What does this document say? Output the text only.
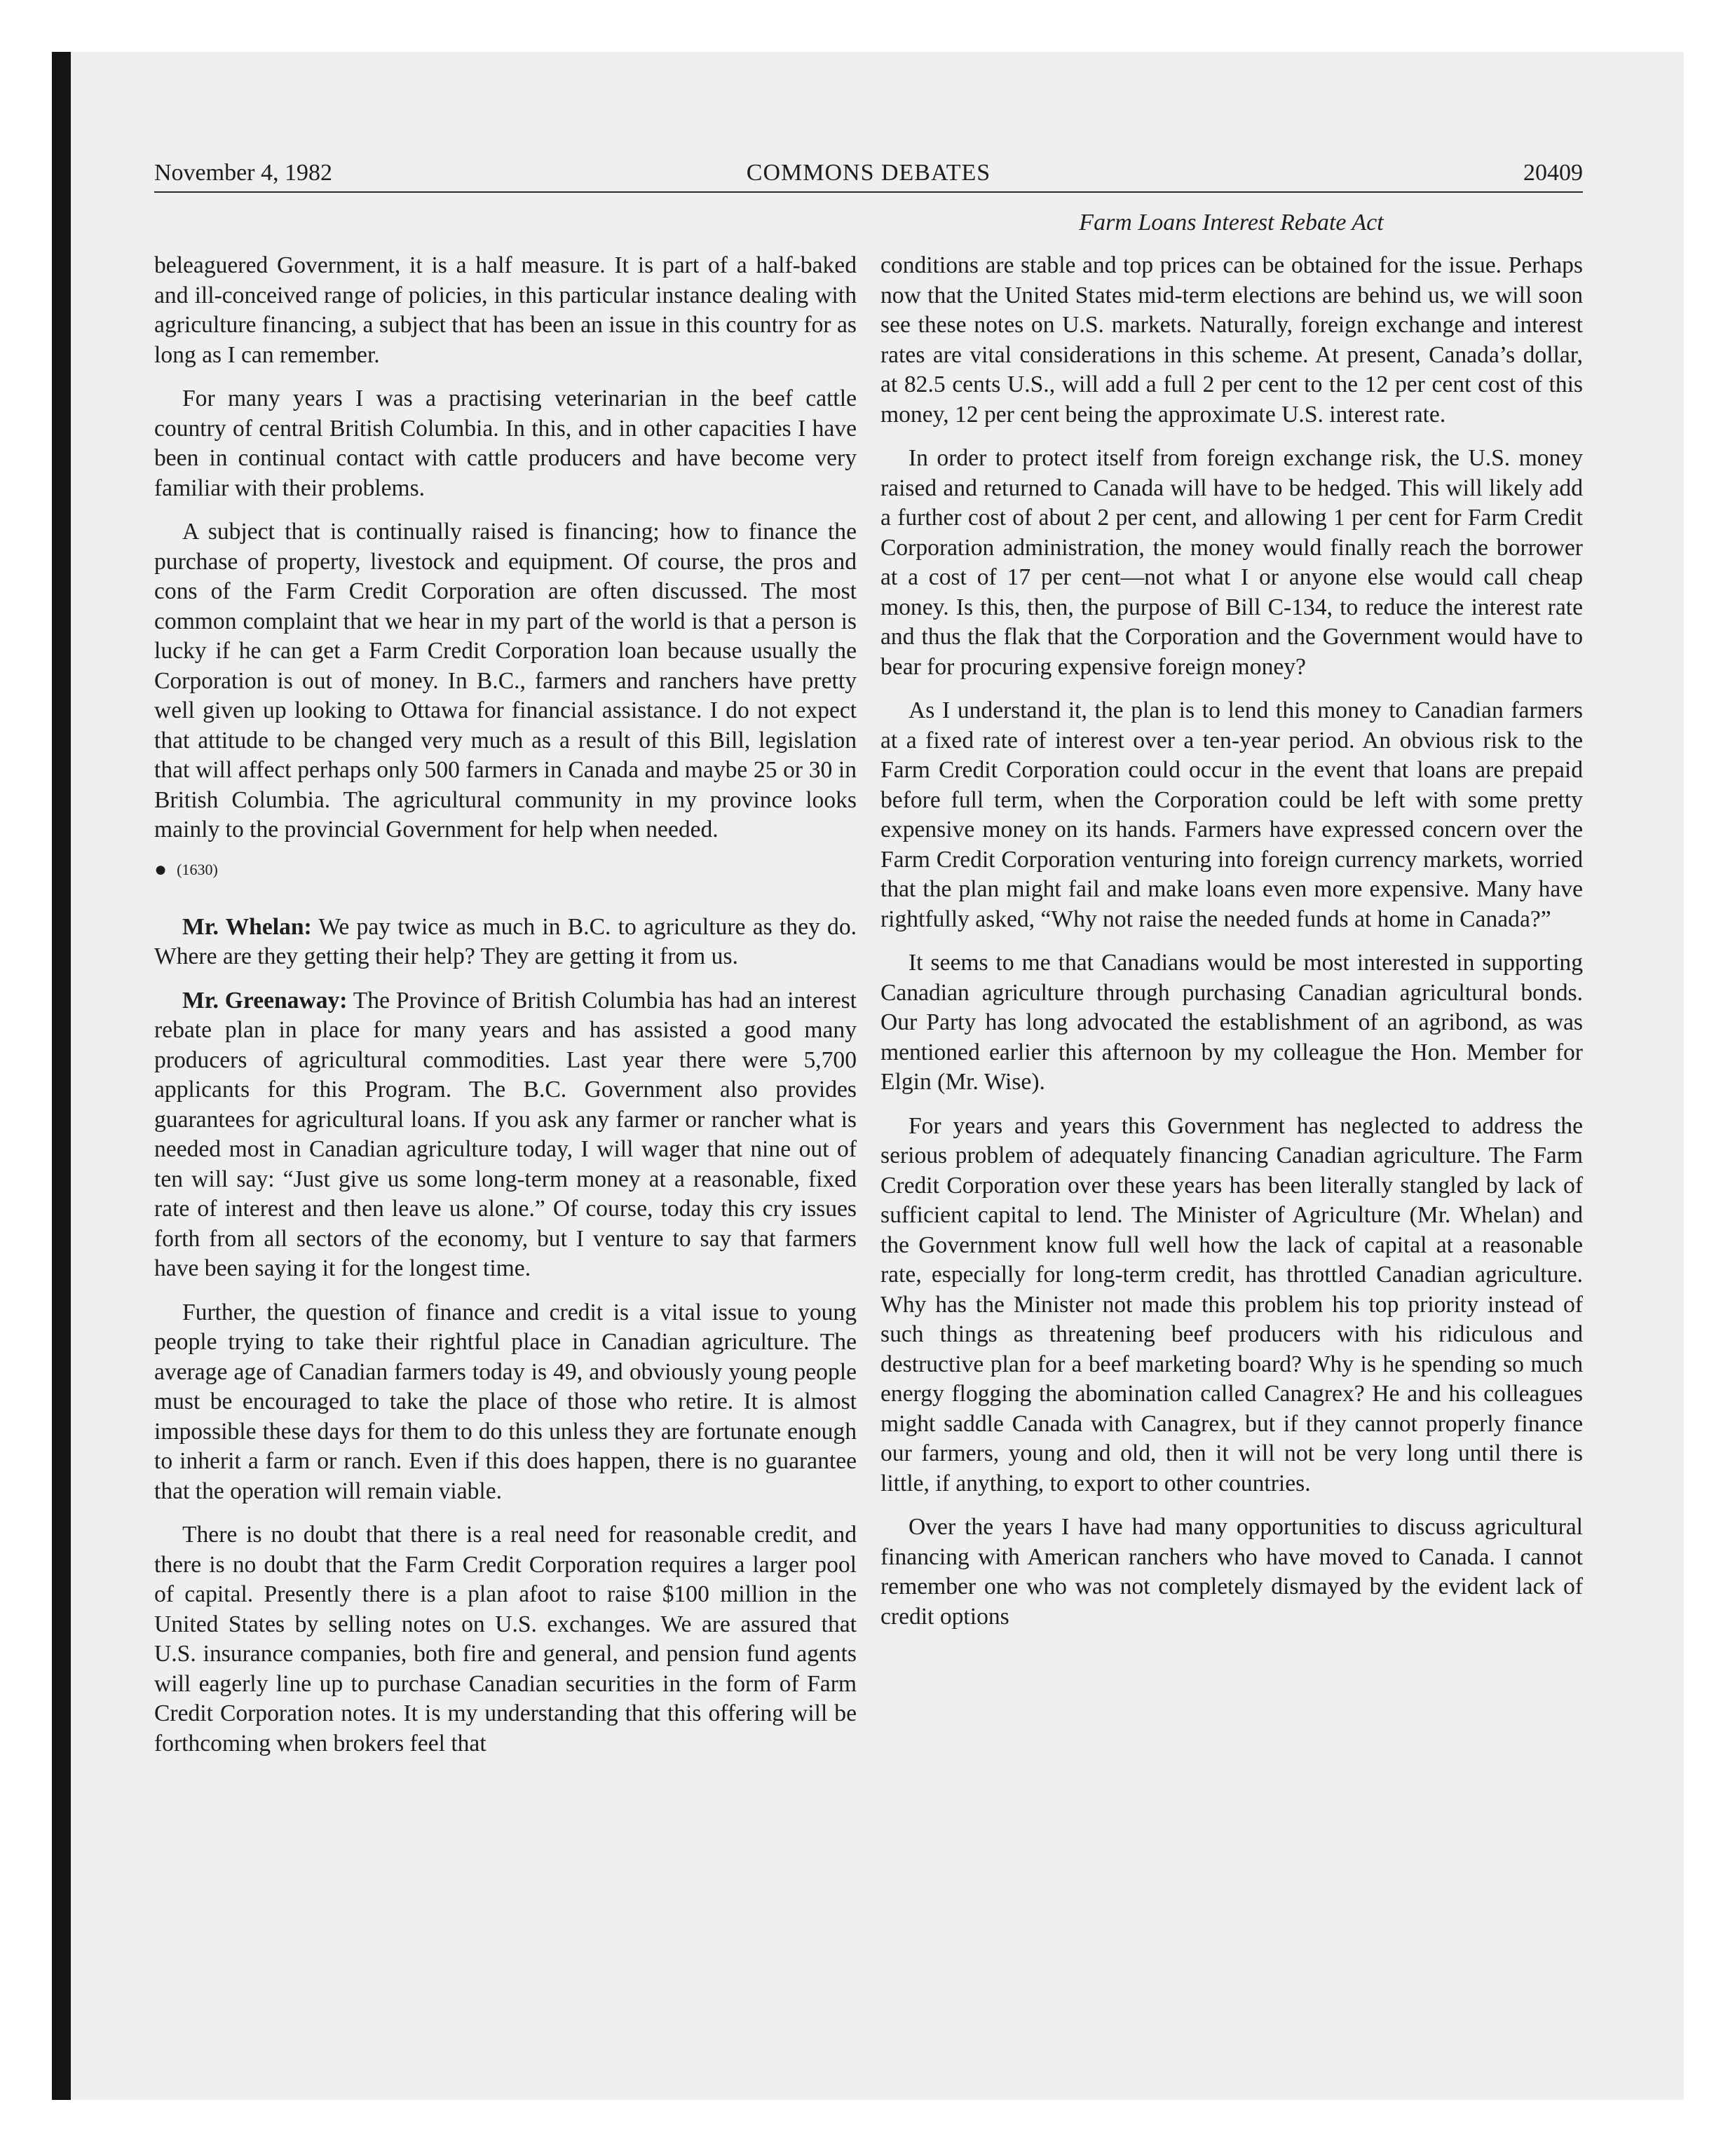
November 4, 1982	COMMONS DEBATES	20409
Farm Loans Interest Rebate Act

beleaguered Government, it is a half measure. It is part of a half-baked and ill-conceived range of policies, in this particular instance dealing with agriculture financing, a subject that has been an issue in this country for as long as I can remember.

For many years I was a practising veterinarian in the beef cattle country of central British Columbia. In this, and in other capacities I have been in continual contact with cattle producers and have become very familiar with their problems.

A subject that is continually raised is financing; how to finance the purchase of property, livestock and equipment. Of course, the pros and cons of the Farm Credit Corporation are often discussed. The most common complaint that we hear in my part of the world is that a person is lucky if he can get a Farm Credit Corporation loan because usually the Corporation is out of money. In B.C., farmers and ranchers have pretty well given up looking to Ottawa for financial assistance. I do not expect that attitude to be changed very much as a result of this Bill, legislation that will affect perhaps only 500 farmers in Canada and maybe 25 or 30 in British Columbia. The agricultural community in my province looks mainly to the provincial Government for help when needed.

● (1630)

Mr. Whelan: We pay twice as much in B.C. to agriculture as they do. Where are they getting their help? They are getting it from us.

Mr. Greenaway: The Province of British Columbia has had an interest rebate plan in place for many years and has assisted a good many producers of agricultural commodities. Last year there were 5,700 applicants for this Program. The B.C. Government also provides guarantees for agricultural loans. If you ask any farmer or rancher what is needed most in Canadian agriculture today, I will wager that nine out of ten will say: “Just give us some long-term money at a reasonable, fixed rate of interest and then leave us alone.” Of course, today this cry issues forth from all sectors of the economy, but I venture to say that farmers have been saying it for the longest time.

Further, the question of finance and credit is a vital issue to young people trying to take their rightful place in Canadian agriculture. The average age of Canadian farmers today is 49, and obviously young people must be encouraged to take the place of those who retire. It is almost impossible these days for them to do this unless they are fortunate enough to inherit a farm or ranch. Even if this does happen, there is no guarantee that the operation will remain viable.

There is no doubt that there is a real need for reasonable credit, and there is no doubt that the Farm Credit Corporation requires a larger pool of capital. Presently there is a plan afoot to raise $100 million in the United States by selling notes on U.S. exchanges. We are assured that U.S. insurance companies, both fire and general, and pension fund agents will eagerly line up to purchase Canadian securities in the form of Farm Credit Corporation notes. It is my understanding that this offering will be forthcoming when brokers feel that

conditions are stable and top prices can be obtained for the issue. Perhaps now that the United States mid-term elections are behind us, we will soon see these notes on U.S. markets. Naturally, foreign exchange and interest rates are vital considerations in this scheme. At present, Canada’s dollar, at 82.5 cents U.S., will add a full 2 per cent to the 12 per cent cost of this money, 12 per cent being the approximate U.S. interest rate.

In order to protect itself from foreign exchange risk, the U.S. money raised and returned to Canada will have to be hedged. This will likely add a further cost of about 2 per cent, and allowing 1 per cent for Farm Credit Corporation administration, the money would finally reach the borrower at a cost of 17 per cent—not what I or anyone else would call cheap money. Is this, then, the purpose of Bill C-134, to reduce the interest rate and thus the flak that the Corporation and the Government would have to bear for procuring expensive foreign money?

As I understand it, the plan is to lend this money to Canadian farmers at a fixed rate of interest over a ten-year period. An obvious risk to the Farm Credit Corporation could occur in the event that loans are prepaid before full term, when the Corporation could be left with some pretty expensive money on its hands. Farmers have expressed concern over the Farm Credit Corporation venturing into foreign currency markets, worried that the plan might fail and make loans even more expensive. Many have rightfully asked, “Why not raise the needed funds at home in Canada?”

It seems to me that Canadians would be most interested in supporting Canadian agriculture through purchasing Canadian agricultural bonds. Our Party has long advocated the establishment of an agribond, as was mentioned earlier this afternoon by my colleague the Hon. Member for Elgin (Mr. Wise).

For years and years this Government has neglected to address the serious problem of adequately financing Canadian agriculture. The Farm Credit Corporation over these years has been literally stangled by lack of sufficient capital to lend. The Minister of Agriculture (Mr. Whelan) and the Government know full well how the lack of capital at a reasonable rate, especially for long-term credit, has throttled Canadian agriculture. Why has the Minister not made this problem his top priority instead of such things as threatening beef producers with his ridiculous and destructive plan for a beef marketing board? Why is he spending so much energy flogging the abomination called Canagrex? He and his colleagues might saddle Canada with Canagrex, but if they cannot properly finance our farmers, young and old, then it will not be very long until there is little, if anything, to export to other countries.

Over the years I have had many opportunities to discuss agricultural financing with American ranchers who have moved to Canada. I cannot remember one who was not completely dismayed by the evident lack of credit options
